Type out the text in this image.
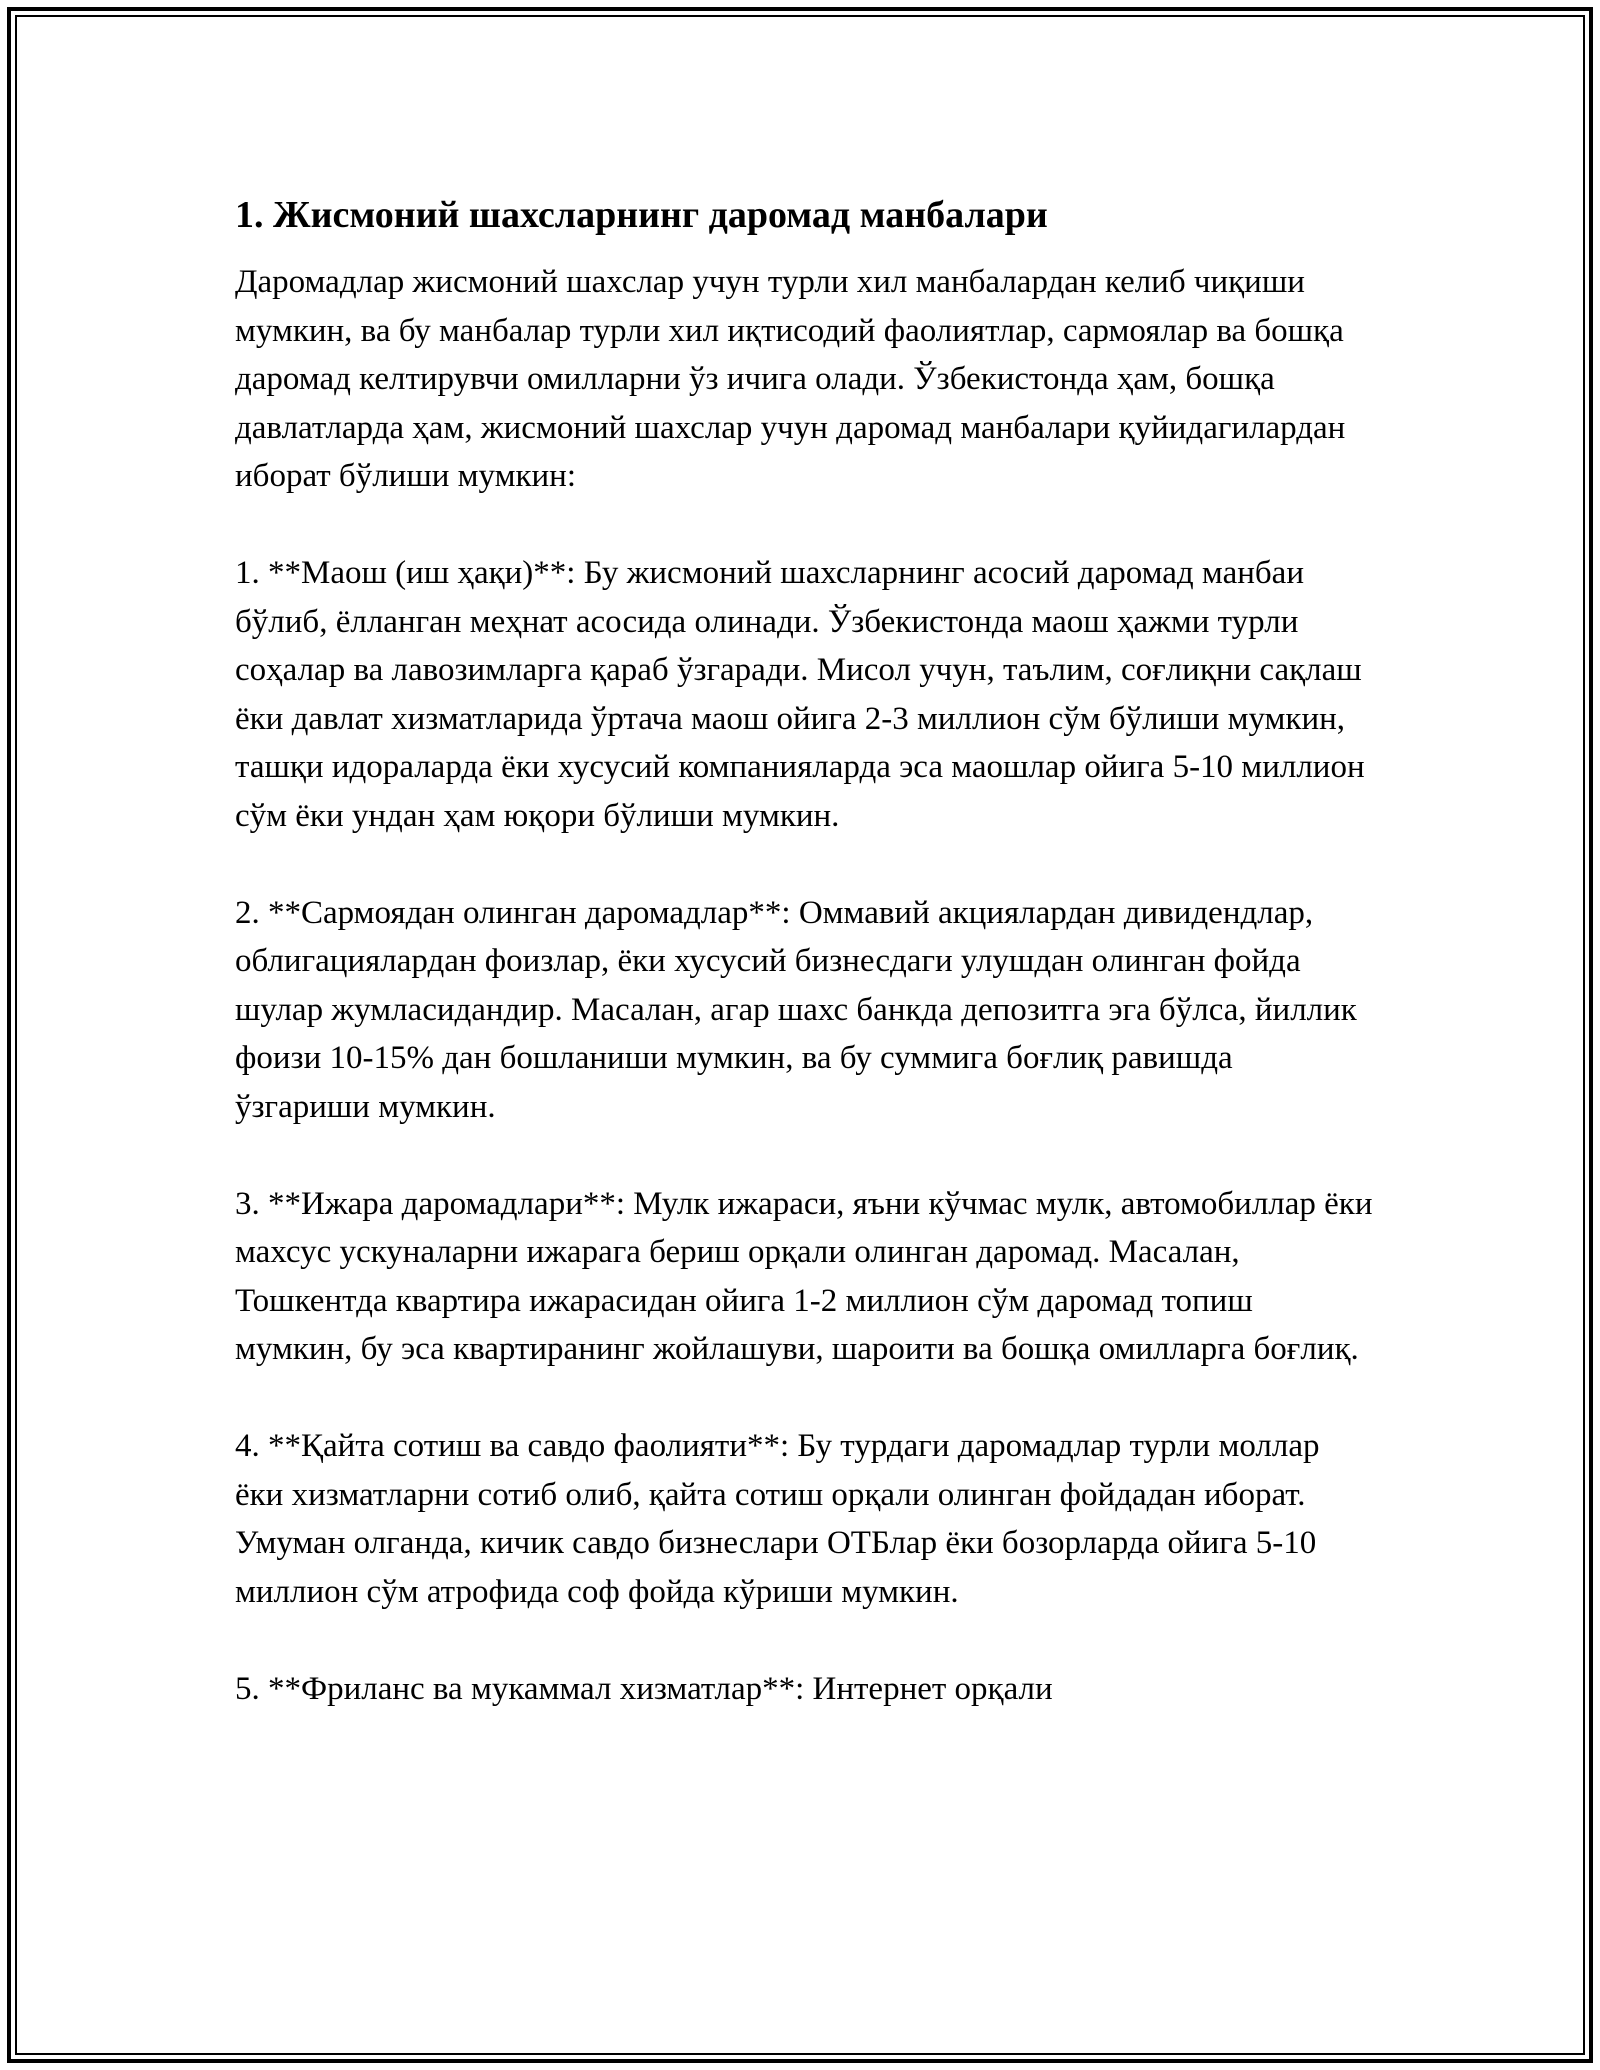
1. Жисмоний шахсларнинг даромад манбалари

Даромадлар жисмоний шахслар учун турли хил манбалардан келиб чиқиши мумкин, ва бу манбалар турли хил иқтисодий фаолиятлар, сармоялар ва бошқа даромад келтирувчи омилларни ўз ичига олади. Ўзбекистонда ҳам, бошқа давлатларда ҳам, жисмоний шахслар учун даромад манбалари қуйидагилардан иборат бўлиши мумкин:

1. **Маош (иш ҳақи)**: Бу жисмоний шахсларнинг асосий даромад манбаи бўлиб, ёлланган меҳнат асосида олинади. Ўзбекистонда маош ҳажми турли соҳалар ва лавозимларга қараб ўзгаради. Мисол учун, таълим, соғлиқни сақлаш ёки давлат хизматларида ўртача маош ойига 2-3 миллион сўм бўлиши мумкин, ташқи идораларда ёки хусусий компанияларда эса маошлар ойига 5-10 миллион сўм ёки ундан ҳам юқори бўлиши мумкин.

2. **Сармоядан олинган даромадлар**: Оммавий акциялардан дивидендлар, облигациялардан фоизлар, ёки хусусий бизнесдаги улушдан олинган фойда шулар жумласидандир. Масалан, агар шахс банкда депозитга эга бўлса, йиллик фоизи 10-15% дан бошланиши мумкин, ва бу суммига боғлиқ равишда ўзгариши мумкин.

3. **Ижара даромадлари**: Мулк ижараси, яъни кўчмас мулк, автомобиллар ёки махсус ускуналарни ижарага бериш орқали олинган даромад. Масалан, Тошкентда квартира ижарасидан ойига 1-2 миллион сўм даромад топиш мумкин, бу эса квартиранинг жойлашуви, шароити ва бошқа омилларга боғлиқ.

4. **Қайта сотиш ва савдо фаолияти**: Бу турдаги даромадлар турли моллар ёки хизматларни сотиб олиб, қайта сотиш орқали олинган фойдадан иборат. Умуман олганда, кичик савдо бизнеслари ОТБлар ёки бозорларда ойига 5-10 миллион сўм атрофида соф фойда кўриши мумкин.

5. **Фриланс ва мукаммал хизматлар**: Интернет орқали
